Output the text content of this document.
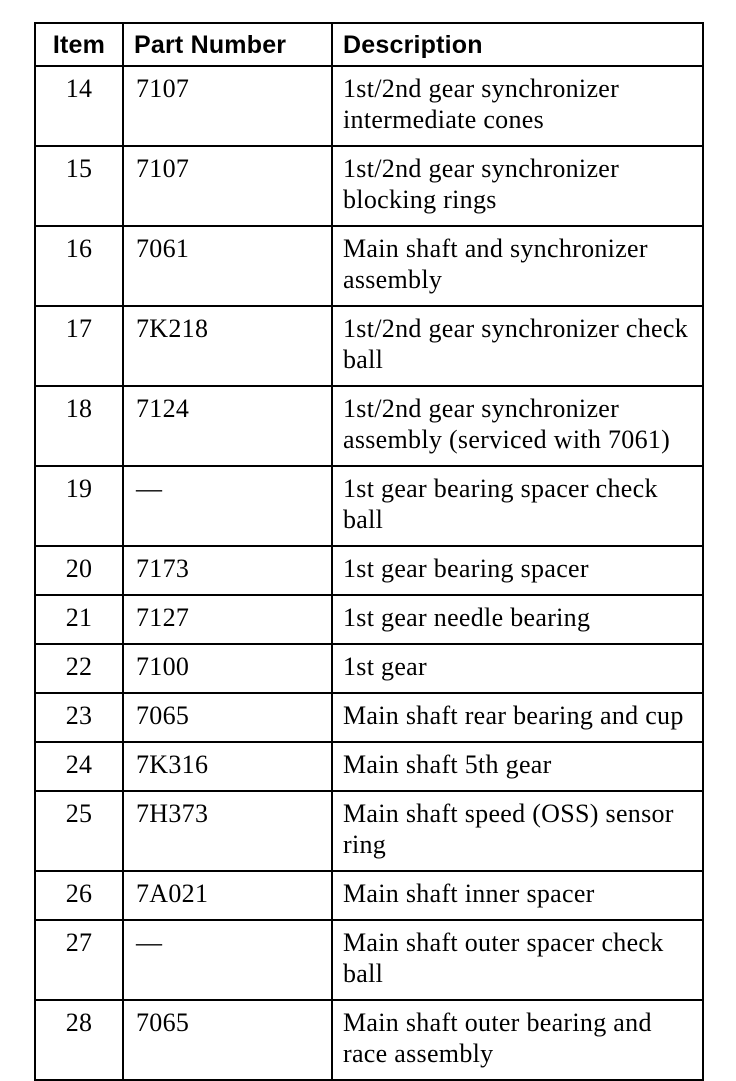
Item	Part Number	Description
14	7107	1st/2nd gear synchronizer intermediate cones
15	7107	1st/2nd gear synchronizer blocking rings
16	7061	Main shaft and synchronizer assembly
17	7K218	1st/2nd gear synchronizer check ball
18	7124	1st/2nd gear synchronizer assembly (serviced with 7061)
19	—	1st gear bearing spacer check ball
20	7173	1st gear bearing spacer
21	7127	1st gear needle bearing
22	7100	1st gear
23	7065	Main shaft rear bearing and cup
24	7K316	Main shaft 5th gear
25	7H373	Main shaft speed (OSS) sensor ring
26	7A021	Main shaft inner spacer
27	—	Main shaft outer spacer check ball
28	7065	Main shaft outer bearing and race assembly
